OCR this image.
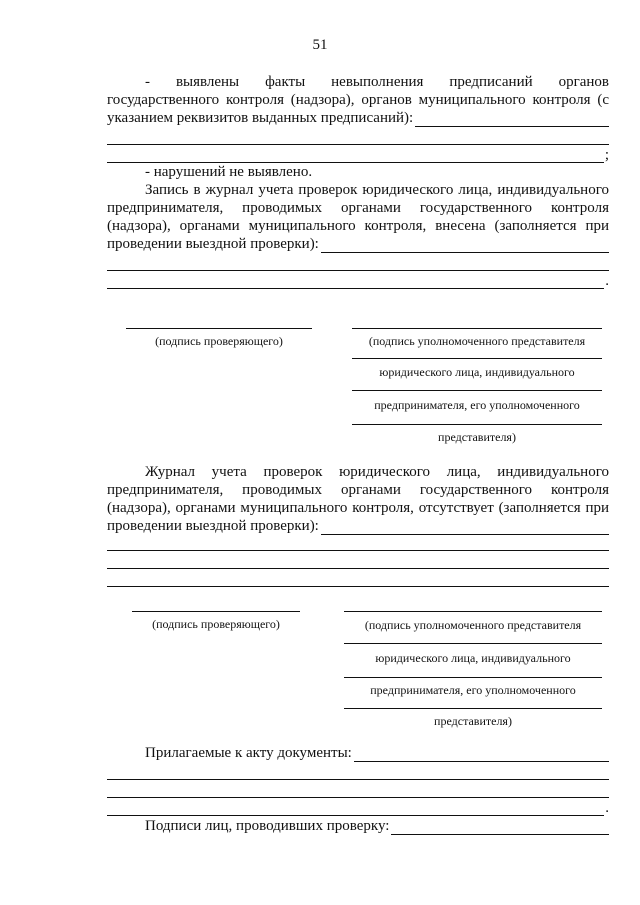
51
- выявлены факты невыполнения предписаний органов
государственного контроля (надзора), органов муниципального контроля (с
указанием реквизитов выданных предписаний):
;
- нарушений не выявлено.
Запись в журнал учета проверок юридического лица, индивидуального
предпринимателя, проводимых органами государственного контроля
(надзора), органами муниципального контроля, внесена (заполняется при
проведении выездной проверки):
.
(подпись проверяющего)	(подпись уполномоченного представителя
юридического лица, индивидуального
предпринимателя, его уполномоченного
представителя)
Журнал учета проверок юридического лица, индивидуального
предпринимателя, проводимых органами государственного контроля
(надзора), органами муниципального контроля, отсутствует (заполняется при
проведении выездной проверки):
(подпись проверяющего)	(подпись уполномоченного представителя
юридического лица, индивидуального
предпринимателя, его уполномоченного
представителя)
Прилагаемые к акту документы:
.
Подписи лиц, проводивших проверку:
